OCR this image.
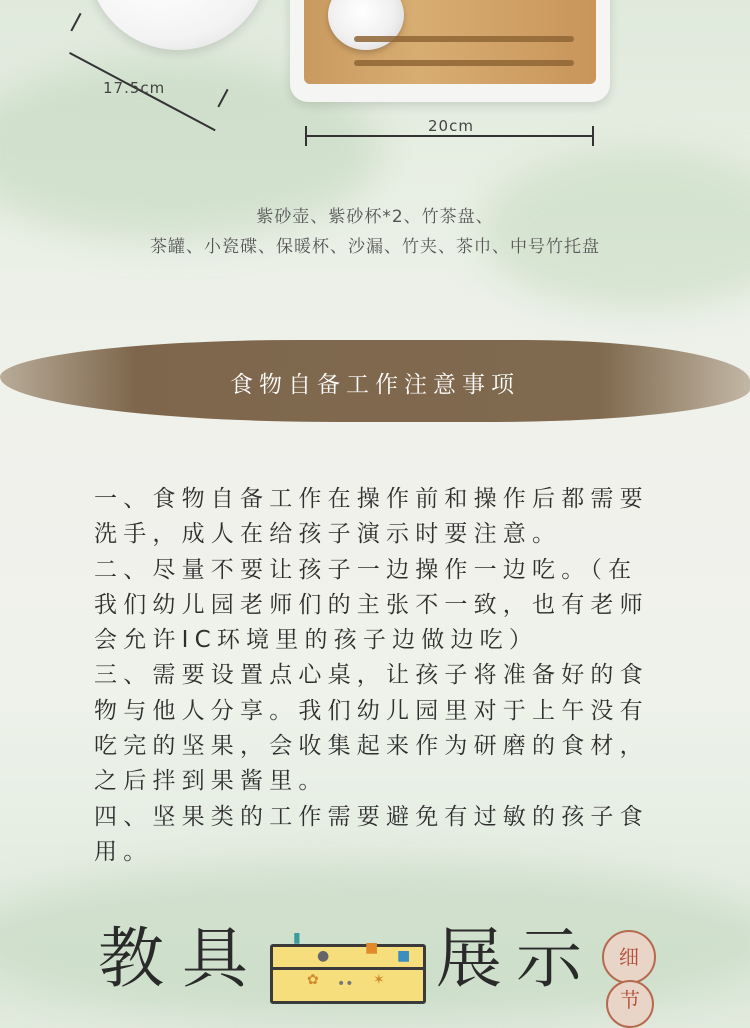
17.5cm
20cm
紫砂壶、紫砂杯*2、竹茶盘、
茶罐、小瓷碟、保暖杯、沙漏、竹夹、茶巾、中号竹托盘
食物自备工作注意事项

一、食物自备工作在操作前和操作后都需要

洗手，成人在给孩子演示时要注意。

二、尽量不要让孩子一边操作一边吃。（在

我们幼儿园老师们的主张不一致，也有老师

会允许IC环境里的孩子边做边吃）

三、需要设置点心桌，让孩子将准备好的食

物与他人分享。我们幼儿园里对于上午没有

吃完的坚果，会收集起来作为研磨的食材，

之后拌到果酱里。

四、坚果类的工作需要避免有过敏的孩子食

用。

教 具	▮
●	■ ■
✿ •• ✶ 展 示	细
节
